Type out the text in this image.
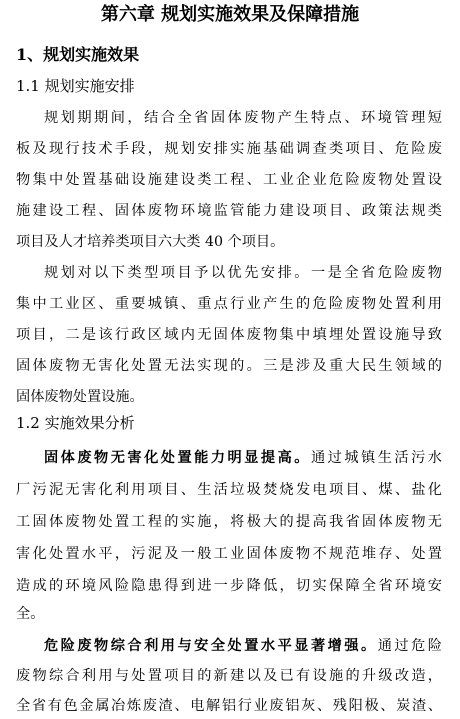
第六章 规划实施效果及保障措施
1、规划实施效果
1.1 规划实施安排
规划期期间，结合全省固体废物产生特点、环境管理短
板及现行技术手段，规划安排实施基础调查类项目、危险废
物集中处置基础设施建设类工程、工业企业危险废物处置设
施建设工程、固体废物环境监管能力建设项目、政策法规类
项目及人才培养类项目六大类 40 个项目。
规划对以下类型项目予以优先安排。一是全省危险废物
集中工业区、重要城镇、重点行业产生的危险废物处置利用
项目，二是该行政区域内无固体废物集中填埋处置设施导致
固体废物无害化处置无法实现的。三是涉及重大民生领域的
固体废物处置设施。
1.2 实施效果分析
固体废物无害化处置能力明显提高。通过城镇生活污水
厂污泥无害化利用项目、生活垃圾焚烧发电项目、煤、盐化
工固体废物处置工程的实施，将极大的提高我省固体废物无
害化处置水平，污泥及一般工业固体废物不规范堆存、处置
造成的环境风险隐患得到进一步降低，切实保障全省环境安
全。
危险废物综合利用与安全处置水平显著增强。通过危险
废物综合利用与处置项目的新建以及已有设施的升级改造，
全省有色金属冶炼废渣、电解铝行业废铝灰、残阳极、炭渣、
